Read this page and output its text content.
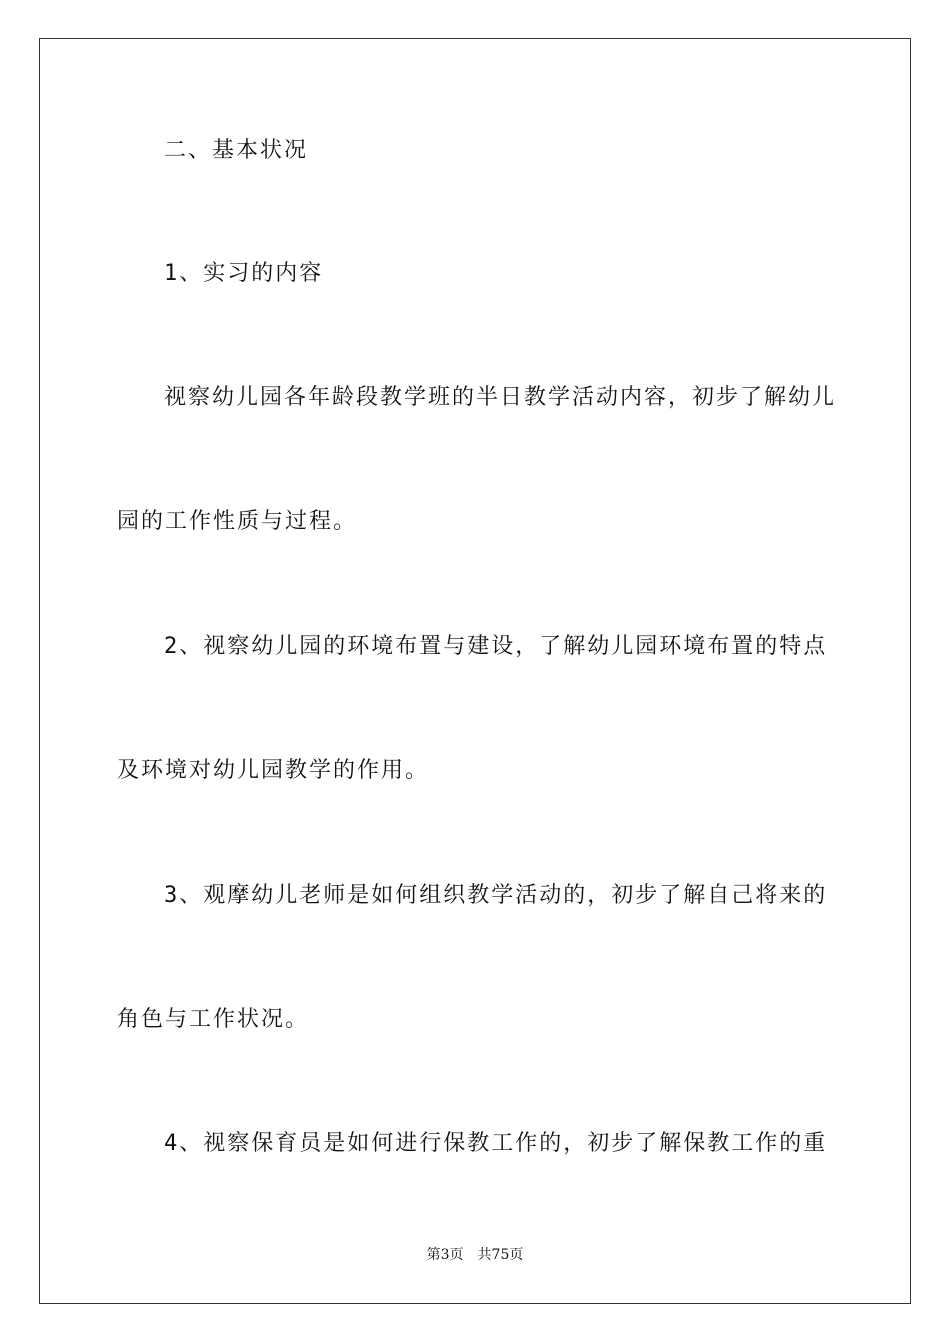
二、基本状况
1、实习的内容
视察幼儿园各年龄段教学班的半日教学活动内容，初步了解幼儿
园的工作性质与过程。
2、视察幼儿园的环境布置与建设，了解幼儿园环境布置的特点
及环境对幼儿园教学的作用。
3、观摩幼儿老师是如何组织教学活动的，初步了解自己将来的
角色与工作状况。
4、视察保育员是如何进行保教工作的，初步了解保教工作的重
第3页 共75页
